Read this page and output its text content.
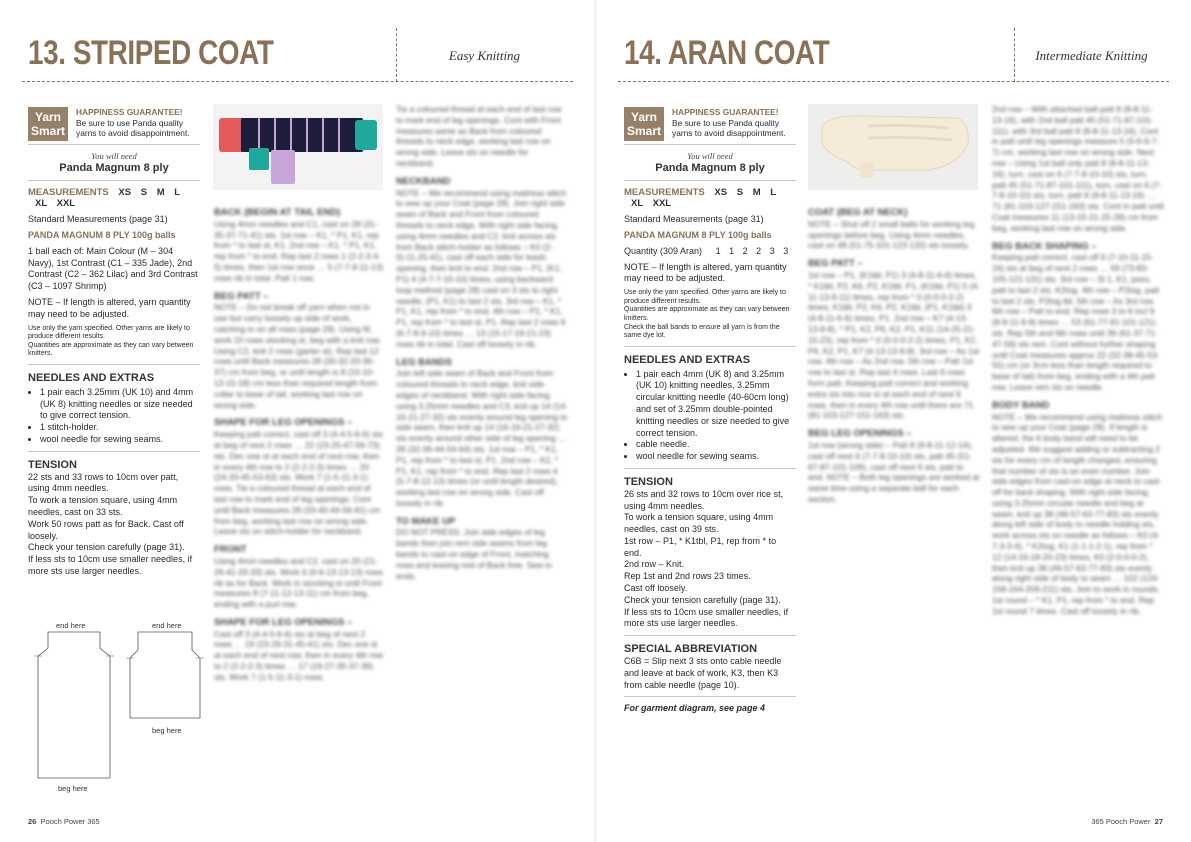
13. STRIPED COAT	Easy Knitting
Yarn Smart
HAPPINESS GUARANTEE!
Be sure to use Panda quality
yarns to avoid disappointment.
You will need
Panda Magnum 8 ply
MEASUREMENTS XS S M L XL XXL

Standard Measurements (page 31)

PANDA MAGNUM 8 PLY 100g balls

1 ball each of: Main Colour (M – 304 Navy), 1st Contrast (C1 – 335 Jade), 2nd Contrast (C2 – 362 Lilac) and 3rd Contrast (C3 – 1097 Shrimp)

NOTE – If length is altered, yarn quantity may need to be adjusted.

Use only the yarn specified. Other yarns are likely to produce different results.
Quantities are approximate as they can vary between knitters.
NEEDLES AND EXTRAS
• 1 pair each 3.25mm (UK 10) and 4mm (UK 8) knitting needles or size needed to give correct tension.
• 1 stitch-holder.
• wool needle for sewing seams.
TENSION
22 sts and 33 rows to 10cm over patt, using 4mm needles.
To work a tension square, using 4mm needles, cast on 33 sts.
Work 50 rows patt as for Back. Cast off loosely.
Check your tension carefully (page 31).
If less sts to 10cm use smaller needles, if more sts use larger needles.
end here	end here
beg here
beg here
BACK (BEGIN AT TAIL END)
Using 4mm needles and C1, cast on 28 (31-35-37-71-41) sts. 1st row – K1, * P1, K1, rep from * to last st, K1. 2nd row – K1, * P1, K1, rep from * to end. Rep last 2 rows 1 (2-2-3-4-5) times, then 1st row once … 5 (7-7-9-11-13) rows rib in total. Patt 1 row.
BEG PATT –
NOTE – Do not break off yarn when not in use but carry loosely up side of work, catching in on all rows (page 29). Using M, work 10 rows stocking st, beg with a knit row. Using C2, knit 2 rows (garter st). Rep last 12 rows until Back measures 28 (30-32-33-36-37) cm from beg, or until length is 8 (10-10-13-15-18) cm less than required length from collar to base of tail, working last row on wrong side.
SHAPE FOR LEG OPENINGS –
Keeping patt correct, cast off 3 (4-4-5-6-6) sts at beg of next 2 rows … 22 (23-25-47-56-73) sts. Dec one st at each end of next row, then in every 4th row to 2 (2-2-2-3) times … 20 (24-33-45-53-63) sts. Work 7 (1-5-11-3-1) rows. Tie a coloured thread at each end of last row to mark end of leg openings. Cont until Back measures 28 (33-40-44-56-61) cm from beg, working last row on wrong side. Leave sts on stitch-holder for neckband.
FRONT
Using 4mm needles and C2, cast on 20 (21-26-41-33-33) sts. Work 6 (6-6-13-13-13) rows rib as for Back. Work in stocking st until Front measures 8 (7-11-12-13-11) cm from beg, ending with a purl row.
SHAPE FOR LEG OPENINGS –
Cast off 3 (4-4-5-6-6) sts at beg of next 2 rows … 19 (23-29-31-45-41) sts. Dec one st at each end of next row, then in every 4th row to 2 (2-2-2-3) times … 17 (19-27-35-37-39) sts. Work 7 (1-5-11-3-1) rows.
Tie a coloured thread at each end of last row to mark end of leg openings. Cont with Front measures same as Back from coloured threads to neck edge, working last row on wrong side. Leave sts on needle for neckband.
NECKBAND
NOTE – We recommend using mattress stitch to sew up your Coat (page 28). Join right side seam of Back and Front from coloured threads to neck edge. With right side facing, using 4mm needles and C2, knit across sts from Back stitch-holder as follows – K0 (2-0)-11-25-41), cast off each side for leash opening, then knit to end. 2nd row – P1, (K1, P1) 4 (4-7-7-10-10) times, using backward loop method (page 28) cast on 3 sts to right needle, (P1, K1) to last 2 sts. 3rd row – K1, * P1, K1, rep from * to end. 4th row – P1, * K1, P1, rep from * to last st, P1. Rep last 2 rows 6 (6-7-8-9-10) times … 13 (15-17-19-21-23) rows rib in total. Cast off loosely in rib.
LEG BANDS
Join left side seam of Back and Front from coloured threads to neck edge, knit side edges of neckband. With right side facing, using 3.25mm needles and C3, knit up 14 (14-16-21-27-32) sts evenly around leg opening to side seam, then knit up 14 (16-16-21-27-32) sts evenly around other side of leg opening … 28 (32-36-44-54-64) sts. 1st row – P1, * K1, P1, rep from * to last st, P1. 2nd row – K2, * P1, K1, rep from * to end. Rep last 2 rows 4 (5-7-8-12-13) times (or until length desired), working last row on wrong side. Cast off loosely in rib.
TO MAKE UP
DO NOT PRESS. Join side edges of leg bands then join rem side seams from leg bands to cast-on edge of Front, matching rows and leaving rest of Back free. Sew in ends.
26 Pooch Power 365
14. ARAN COAT	Intermediate Knitting
Yarn Smart
HAPPINESS GUARANTEE!
Be sure to use Panda quality
yarns to avoid disappointment.
You will need
Panda Magnum 8 ply
MEASUREMENTS XS S M L XL XXL

Standard Measurements (page 31)

PANDA MAGNUM 8 PLY 100g balls

Quantity (309 Aran) 1 1 2 2 3 3

NOTE – If length is altered, yarn quantity may need to be adjusted.

Use only the yarn specified. Other yarns are likely to produce different results.
Quantities are approximate as they can vary between knitters.
Check the ball bands to ensure all yarn is from the same dye lot.
NEEDLES AND EXTRAS
• 1 pair each 4mm (UK 8) and 3.25mm (UK 10) knitting needles, 3.25mm circular knitting needle (40-60cm long) and set of 3.25mm double-pointed knitting needles or size needed to give correct tension.
• cable needle.
• wool needle for sewing seams.
TENSION
26 sts and 32 rows to 10cm over rice st, using 4mm needles.
To work a tension square, using 4mm needles, cast on 39 sts.
1st row – P1, * K1tbl, P1, rep from * to end.
2nd row – Knit.
Rep 1st and 2nd rows 23 times.
Cast off loosely.
Check your tension carefully (page 31).
If less sts to 10cm use smaller needles, if more sts use larger needles.
SPECIAL ABBREVIATION
C6B = Slip next 3 sts onto cable needle and leave at back of work, K3, then K3 from cable needle (page 10).
For garment diagram, see page 4
COAT (BEG AT NECK)
NOTE – Shut off 2 small balls for working leg openings before beg. Using 4mm needles, cast on 48 (51-75-101-123-133) sts loosely.
BEG PATT –
1st row – P1, (K1tbl, P1) 3 (4-8-11-6-6) times, * K1tbl, P2, K6, P2, K1tbl, P1, (K1tbl, P1) 5 (4-11-13-9-11) times, rep from * 0 (0-0-0-2-2) times, K1tbl, P2, K6, P2, K1tbl, (P1, K1tbl) 3 (4-8-11-6-6) times, P1. 2nd row – K7 (4-13-13-8-8), * P1, K2, P6, K2, P1, K11 (14-25-21-15-23), rep from * 0 (0-0-0-2-2) times, P1, K2, P6, K2, P1, K7 (4-13-13-8-8). 3rd row – As 1st row. 4th row – As 2nd row. 5th row – Patt 1st row to last st. Rep last 4 rows. Last 6 rows form patt. Keeping patt correct and working extra sts into rice st at each end of next 9 rows, then in every 4th row until there are 71 (81-103-127-151-163) sts.
BEG LEG OPENINGS –
1st row (wrong side) – Patt 8 (9-8-11-12-14), cast off next 6 (7-7-8-10-10) sts, patt 45 (51-67-87-101-109), cast off next 6 sts, patt to end. NOTE – Both leg openings are worked at same time using a separate ball for each section.
2nd row – With attached ball patt 8 (8-8-11-13-16), with 2nd ball patt 45 (51-71-87-101-111), with 3rd ball patt 8 (8-8-11-13-16). Cont in patt until leg openings measure 5 (5-6-6-7-7) cm, working last row on wrong side. Next row – Using 1st ball only patt 8 (8-8-11-13-16), turn, cast on 6 (7-7-8-10-10) sts, turn, patt 45 (51-71-87-101-111), turn, cast on 6 (7-7-8-10-10) sts, turn, patt 8 (8-8-11-13-16) … 71 (81-103-127-151-163) sts. Cont in patt until Coat measures 11 (13-15-21-25-28) cm from beg, working last row on wrong side.
BEG BACK SHAPING –
Keeping patt correct, cast off 6 (7-10-11-15-16) sts at beg of next 2 rows … 59 (73-83-105-121-131) sts. 3rd row – Sl 1, K1, psso, patt to last 2 sts, K2tog. 4th row – P2tog, patt to last 2 sts, P2tog tbl. 5th row – As 3rd row. 6th row – Patt to end. Rep rows 3 to 6 incl 9 (8-9-11-9-9) times … 53 (61-77-91-101-121) sts. Rep 5th and 6th rows until 39 (61-37-71-47-59) sts rem. Cont without further shaping until Coat measures approx 22 (32-38-45-53-55) cm (or 3cm less than length required to base of tail) from beg, ending with a 4th patt row. Leave rem sts on needle.
BODY BAND
NOTE – We recommend using mattress stitch to sew up your Coat (page 28). If length is altered, the 6 body band will need to be adjusted. We suggest adding or subtracting 2 sts for every cm of length changed, ensuring that number of sts is an even number. Join side edges from cast-on edge at neck to cast-off for back shaping. With right side facing, using 3.25mm circular needle and beg at seam, knit up 38 (46-57-63-77-83) sts evenly along left side of body to needle holding sts, work across sts on needle as follows – K0 (4-7-3-3-4), * K2tog, K1 (1-1-1-2-1), rep from * 12 (14-16-18-20-23) times, K0 (2-0-0-0-2), then knit up 38 (46-57-63-77-83) sts evenly along right side of body to seam … 102 (124-158-164-209-211) sts. Join to work in rounds. 1st round – * K1, P1, rep from * to end. Rep 1st round 7 times. Cast off loosely in rib.
365 Pooch Power 27
